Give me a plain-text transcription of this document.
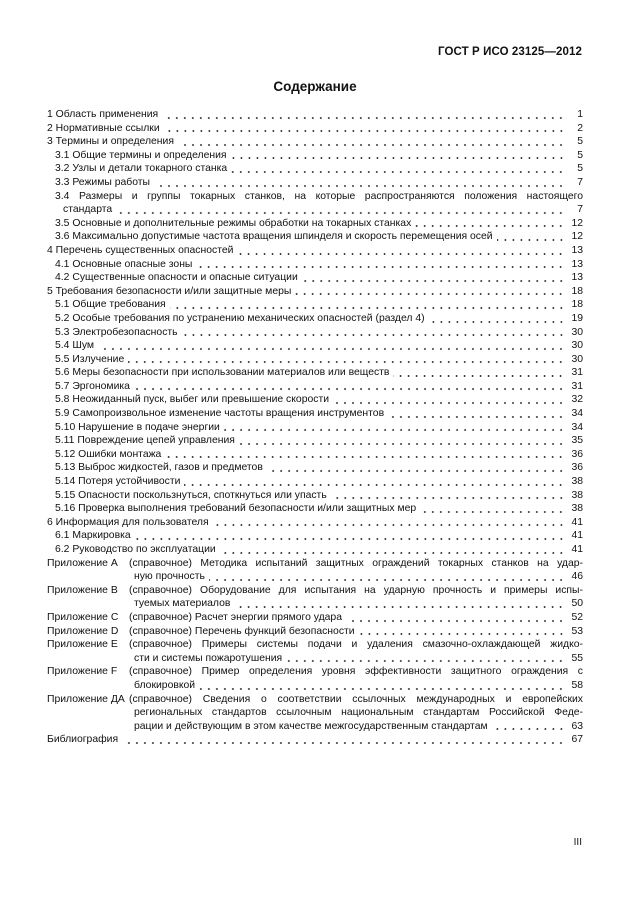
ГОСТ Р ИСО 23125—2012
Содержание
1 Область применения	1
2 Нормативные ссылки	2
3 Термины и определения	5
3.1 Общие термины и определения	5
3.2 Узлы и детали токарного станка	5
3.3 Режимы работы	7
3.4 Размеры и группы токарных станков, на которые распространяются положения настоящего
стандарта	7
3.5 Основные и дополнительные режимы обработки на токарных станках	12
3.6 Максимально допустимые частота вращения шпинделя и скорость перемещения осей	12
4 Перечень существенных опасностей	13
4.1 Основные опасные зоны	13
4.2 Существенные опасности и опасные ситуации	13
5 Требования безопасности и/или защитные меры	18
5.1 Общие требования	18
5.2 Особые требования по устранению механических опасностей (раздел 4)	19
5.3 Электробезопасность	30
5.4 Шум	30
5.5 Излучение	30
5.6 Меры безопасности при использовании материалов или веществ	31
5.7 Эргономика	31
5.8 Неожиданный пуск, выбег или превышение скорости	32
5.9 Самопроизвольное изменение частоты вращения инструментов	34
5.10 Нарушение в подаче энергии	34
5.11 Повреждение цепей управления	35
5.12 Ошибки монтажа	36
5.13 Выброс жидкостей, газов и предметов	36
5.14 Потеря устойчивости	38
5.15 Опасности поскользнуться, споткнуться или упасть	38
5.16 Проверка выполнения требований безопасности и/или защитных мер	38
6 Информация для пользователя	41
6.1 Маркировка	41
6.2 Руководство по эксплуатации	41
Приложение А	(справочное) Методика испытаний защитных ограждений токарных станков на удар-
ную прочность	46
Приложение В	(справочное) Оборудование для испытания на ударную прочность и примеры испы-
туемых материалов	50
Приложение С	(справочное) Расчет энергии прямого удара	52
Приложение D	(справочное) Перечень функций безопасности	53
Приложение Е	(справочное) Примеры системы подачи и удаления смазочно-охлаждающей жидко-
сти и системы пожаротушения	55
Приложение F	(справочное) Пример определения уровня эффективности защитного ограждения с
блокировкой	58
Приложение ДА (справочное) Сведения о соответствии ссылочных международных и европейских
региональных стандартов ссылочным национальным стандартам Российской Феде-
рации и действующим в этом качестве межгосударственным стандартам	63
Библиография	67
III
